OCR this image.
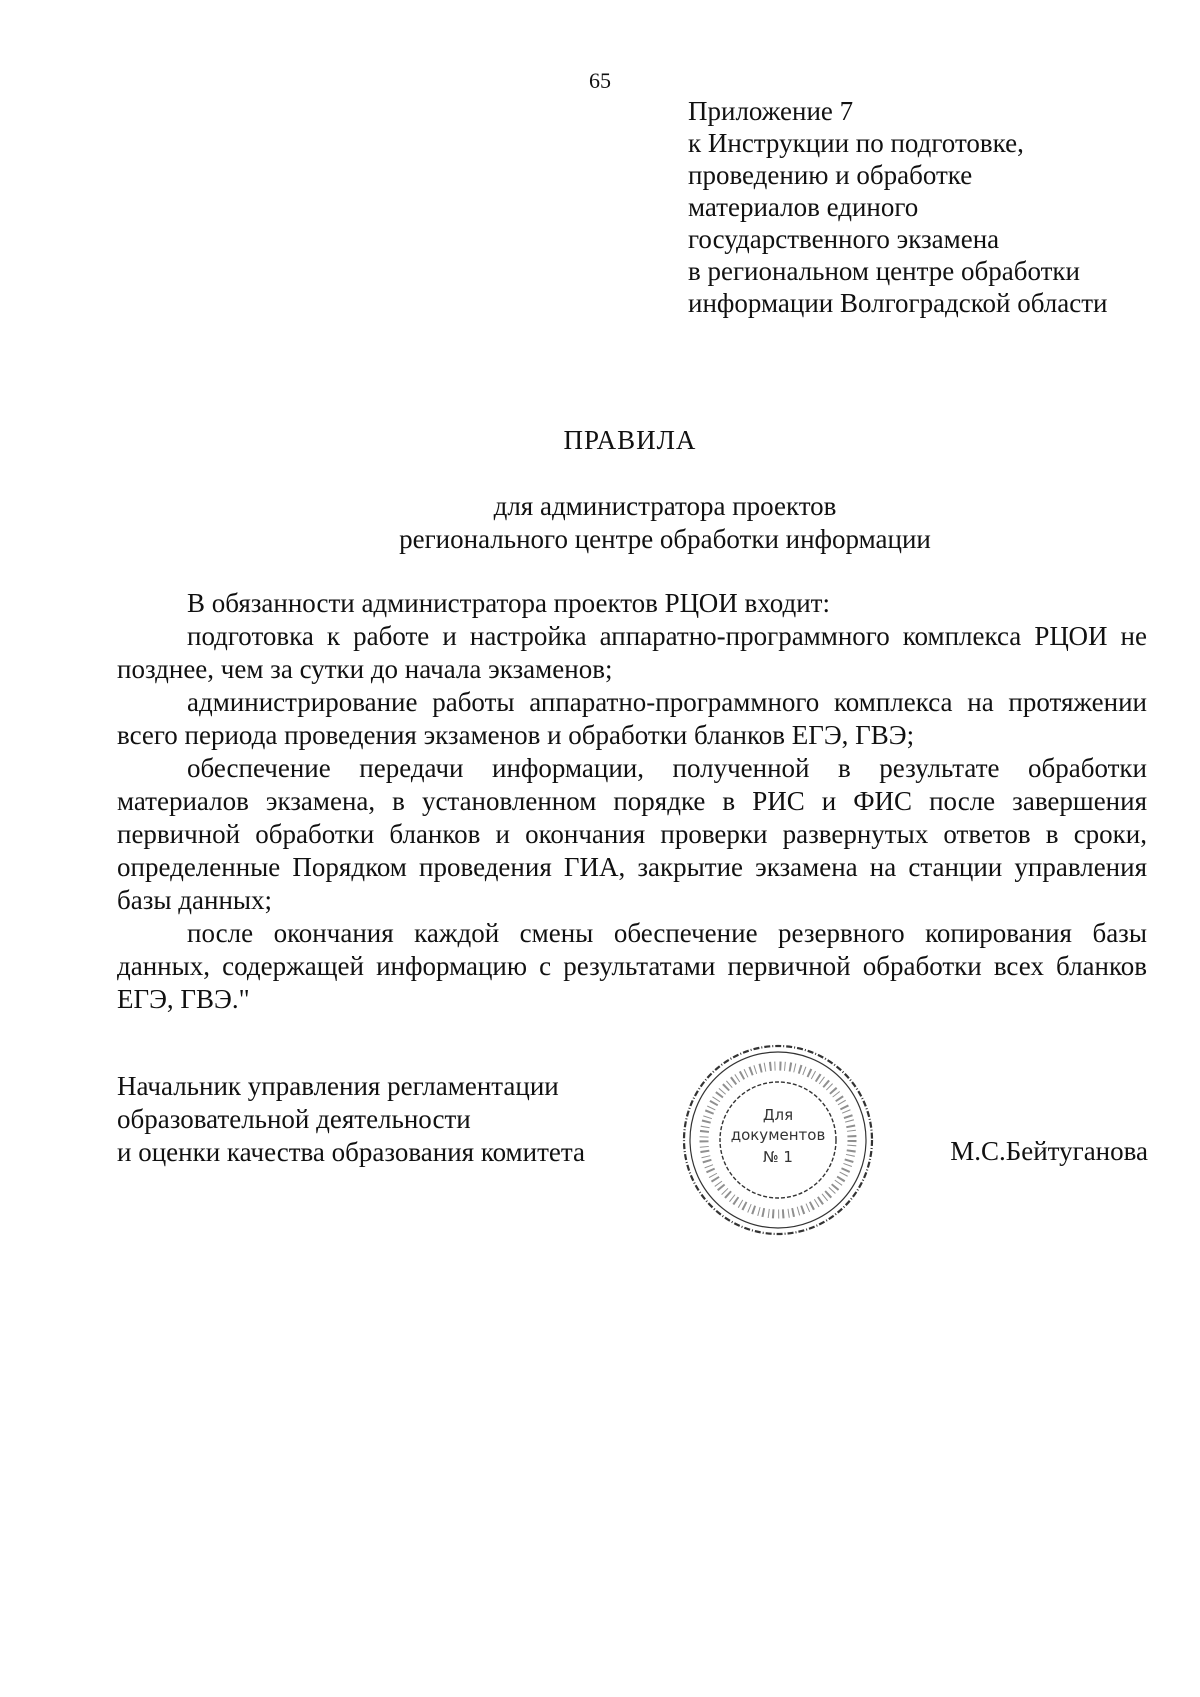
65
Приложение 7
к Инструкции по подготовке,
проведению и обработке
материалов единого
государственного экзамена
в региональном центре обработки
информации Волгоградской области
ПРАВИЛА
для администратора проектов
регионального центре обработки информации

В обязанности администратора проектов РЦОИ входит:

подготовка к работе и настройка аппаратно-программного комплекса РЦОИ не позднее, чем за сутки до начала экзаменов;

администрирование работы аппаратно-программного комплекса на протяжении всего периода проведения экзаменов и обработки бланков ЕГЭ, ГВЭ;

обеспечение передачи информации, полученной в результате обработки материалов экзамена, в установленном порядке в РИС и ФИС после завершения первичной обработки бланков и окончания проверки развернутых ответов в сроки, определенные Порядком проведения ГИА, закрытие экзамена на станции управления базы данных;

после окончания каждой смены обеспечение резервного копирования базы данных, содержащей информацию с результатами первичной обработки всех бланков ЕГЭ, ГВЭ."

Начальник управления регламентации
образовательной деятельности
и оценки качества образования комитета
Для
документов
№ 1	М.С.Бейтуганова
